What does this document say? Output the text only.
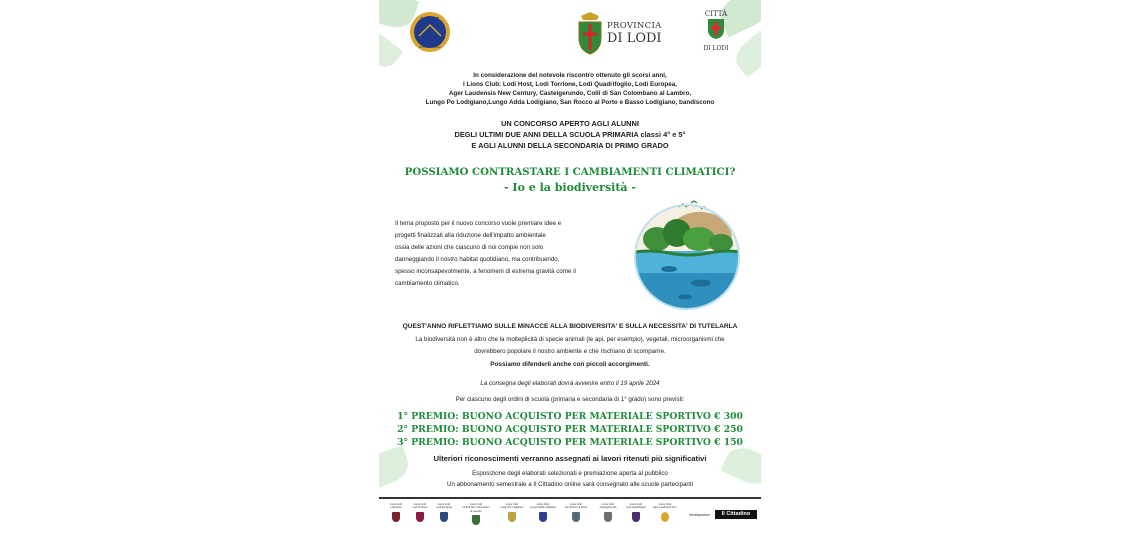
LIONS
INTERNATIONAL
PROVINCIA
DI LODI
CITTÀ
DI LODI
In considerazione del notevole riscontro ottenuto gli scorsi anni,
I Lions Club: Lodi Host, Lodi Torrione, Lodi Quadrifoglio, Lodi Europea,
Ager Laudensis New Century, Casteigerundo, Colli di San Colombano al Lambro,
Lungo Po Lodigiano,Lungo Adda Lodigiano, San Rocco al Porto e Basso Lodigiano, bandiscono
UN CONCORSO APERTO AGLI ALUNNI
DEGLI ULTIMI DUE ANNI DELLA SCUOLA PRIMARIA classi 4° e 5°
E AGLI ALUNNI DELLA SECONDARIA DI PRIMO GRADO
POSSIAMO CONTRASTARE I CAMBIAMENTI CLIMATICI?
- Io e la biodiversità -
Il tema proposto per il nuovo concorso vuole premiare idee e
progetti finalizzati alla riduzione dell'impatto ambientale
ossia delle azioni che ciascuno di noi compie non solo
danneggiando il nostro habitat quotidiano, ma contribuendo,
spesso inconsapevolmente, a fenomeni di estrema gravità come il
cambiamento climatico.
QUEST'ANNO RIFLETTIAMO SULLE MINACCE ALLA BIODIVERSITA' E SULLA NECESSITA' DI TUTELARLA
La biodiversità non è altro che la molteplicità di specie animali (le api, per esempio), vegetali, microorganismi che
dovrebbero popolare il nostro ambiente e che rischiano di scomparire.
Possiamo difenderli anche con piccoli accorgimenti.
La consegna degli elaborati dovrà avvenire entro il 19 aprile 2024
Per ciascuno degli ordini di scuola (primaria e secondaria di 1° grado) sono previsti:
1° PREMIO: BUONO ACQUISTO PER MATERIALE SPORTIVO € 300
2° PREMIO: BUONO ACQUISTO PER MATERIALE SPORTIVO € 250
3° PREMIO: BUONO ACQUISTO PER MATERIALE SPORTIVO € 150
Ulteriori riconoscimenti verranno assegnati ai lavori ritenuti più significativi
Esposizione degli elaborati selezionati e premiazione aperta al pubblico
Un abbonamento semestrale a Il Cittadino online sarà consegnato alle scuole partecipanti
Lions Club
Lodi Host
Lions Club
Lodi Torrione
Lions Club
Lodi Europea
Lions Club
Colli di San Colombano al Lambro
Lions Club
Lungo Po Lodigiano
Lions Club
Lungo Adda Lodigiano
Lions Club
San Rocco al Porto
Lions Club
Casteigerundo
Lions Club
Lodi Quadrifoglio
Lions Club
Ager Laudensis N.C.
Mediapartner	Il Cittadino
